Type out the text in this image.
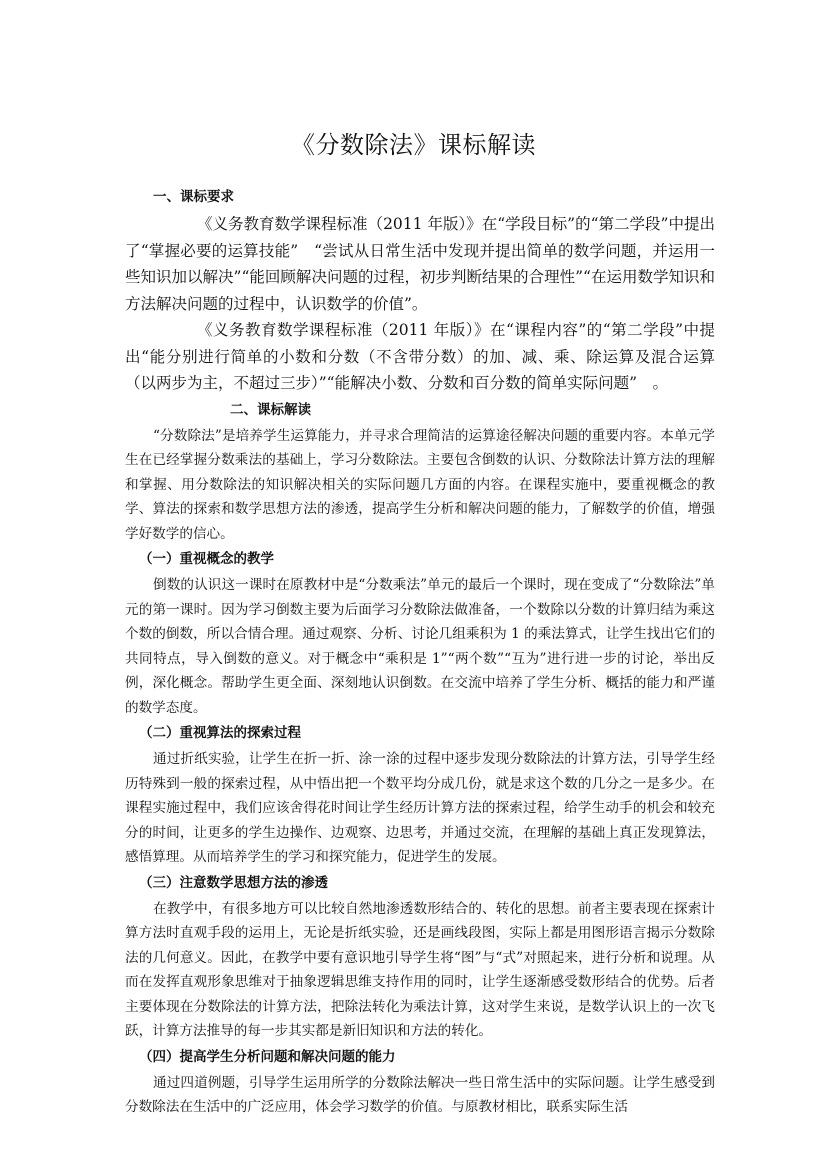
《分数除法》课标解读
一、课标要求

《义务教育数学课程标准（2011 年版）》在“学段目标”的“第二学段”中提出了“掌握必要的运算技能”　“尝试从日常生活中发现并提出简单的数学问题，并运用一些知识加以解决”“能回顾解决问题的过程，初步判断结果的合理性”“在运用数学知识和方法解决问题的过程中，认识数学的价值”。

《义务教育数学课程标准（2011 年版）》在“课程内容”的“第二学段”中提出“能分别进行简单的小数和分数（不含带分数）的加、减、乘、除运算及混合运算（以两步为主，不超过三步）”“能解决小数、分数和百分数的简单实际问题”　。

二、课标解读

“分数除法”是培养学生运算能力，并寻求合理简洁的运算途径解决问题的重要内容。本单元学生在已经掌握分数乘法的基础上，学习分数除法。主要包含倒数的认识、分数除法计算方法的理解和掌握、用分数除法的知识解决相关的实际问题几方面的内容。在课程实施中，要重视概念的教学、算法的探索和数学思想方法的渗透，提高学生分析和解决问题的能力，了解数学的价值，增强学好数学的信心。

（一）重视概念的教学

倒数的认识这一课时在原教材中是“分数乘法”单元的最后一个课时，现在变成了“分数除法”单元的第一课时。因为学习倒数主要为后面学习分数除法做准备，一个数除以分数的计算归结为乘这个数的倒数，所以合情合理。通过观察、分析、讨论几组乘积为 1 的乘法算式，让学生找出它们的共同特点，导入倒数的意义。对于概念中“乘积是 1”“两个数”“互为”进行进一步的讨论，举出反例，深化概念。帮助学生更全面、深刻地认识倒数。在交流中培养了学生分析、概括的能力和严谨的数学态度。

（二）重视算法的探索过程

通过折纸实验，让学生在折一折、涂一涂的过程中逐步发现分数除法的计算方法，引导学生经历特殊到一般的探索过程，从中悟出把一个数平均分成几份，就是求这个数的几分之一是多少。在课程实施过程中，我们应该舍得花时间让学生经历计算方法的探索过程，给学生动手的机会和较充分的时间，让更多的学生边操作、边观察、边思考，并通过交流，在理解的基础上真正发现算法，感悟算理。从而培养学生的学习和探究能力，促进学生的发展。

（三）注意数学思想方法的渗透

在教学中，有很多地方可以比较自然地渗透数形结合的、转化的思想。前者主要表现在探索计算方法时直观手段的运用上，无论是折纸实验，还是画线段图，实际上都是用图形语言揭示分数除法的几何意义。因此，在教学中要有意识地引导学生将“图”与“式”对照起来，进行分析和说理。从而在发挥直观形象思维对于抽象逻辑思维支持作用的同时，让学生逐渐感受数形结合的优势。后者主要体现在分数除法的计算方法，把除法转化为乘法计算，这对学生来说，是数学认识上的一次飞跃，计算方法推导的每一步其实都是新旧知识和方法的转化。

（四）提高学生分析问题和解决问题的能力

通过四道例题，引导学生运用所学的分数除法解决一些日常生活中的实际问题。让学生感受到分数除法在生活中的广泛应用，体会学习数学的价值。与原教材相比，联系实际生活
